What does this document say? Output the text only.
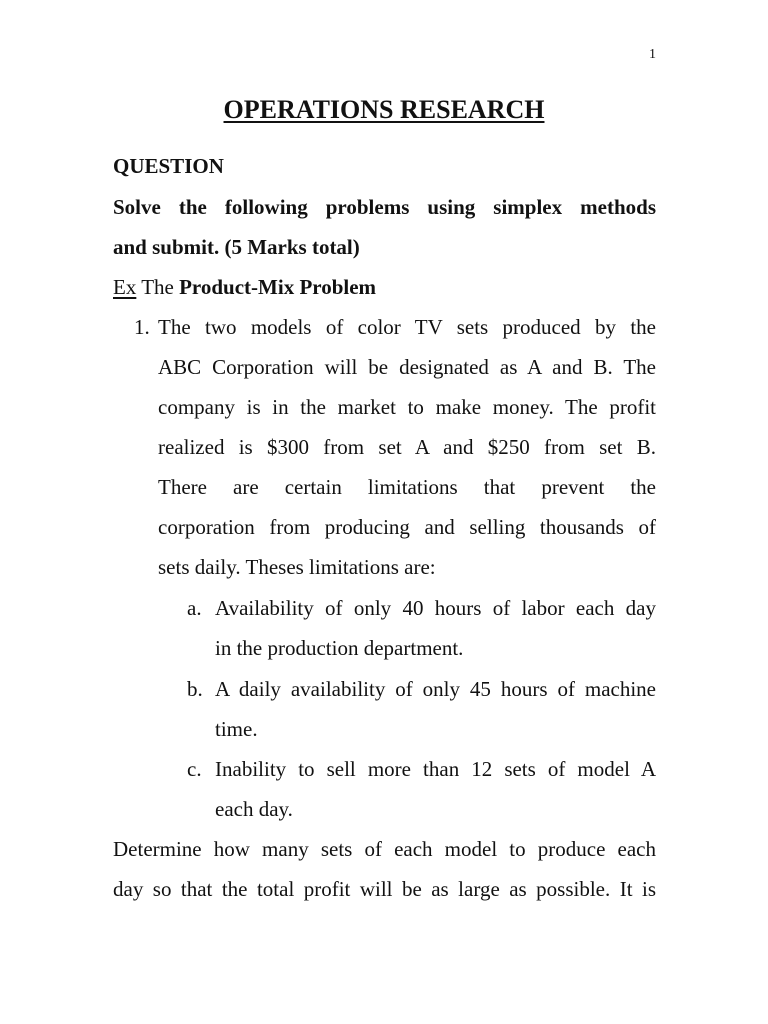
1
OPERATIONS RESEARCH
QUESTION
Solve the following problems using simplex methods
and submit. (5 Marks total)
Ex The Product-Mix Problem
1. The two models of color TV sets produced by the
ABC Corporation will be designated as A and B. The
company is in the market to make money. The profit
realized is $300 from set A and $250 from set B.
There are certain limitations that prevent the
corporation from producing and selling thousands of
sets daily. Theses limitations are:
a. Availability of only 40 hours of labor each day
in the production department.
b. A daily availability of only 45 hours of machine
time.
c. Inability to sell more than 12 sets of model A
each day.
Determine how many sets of each model to produce each
day so that the total profit will be as large as possible. It is
